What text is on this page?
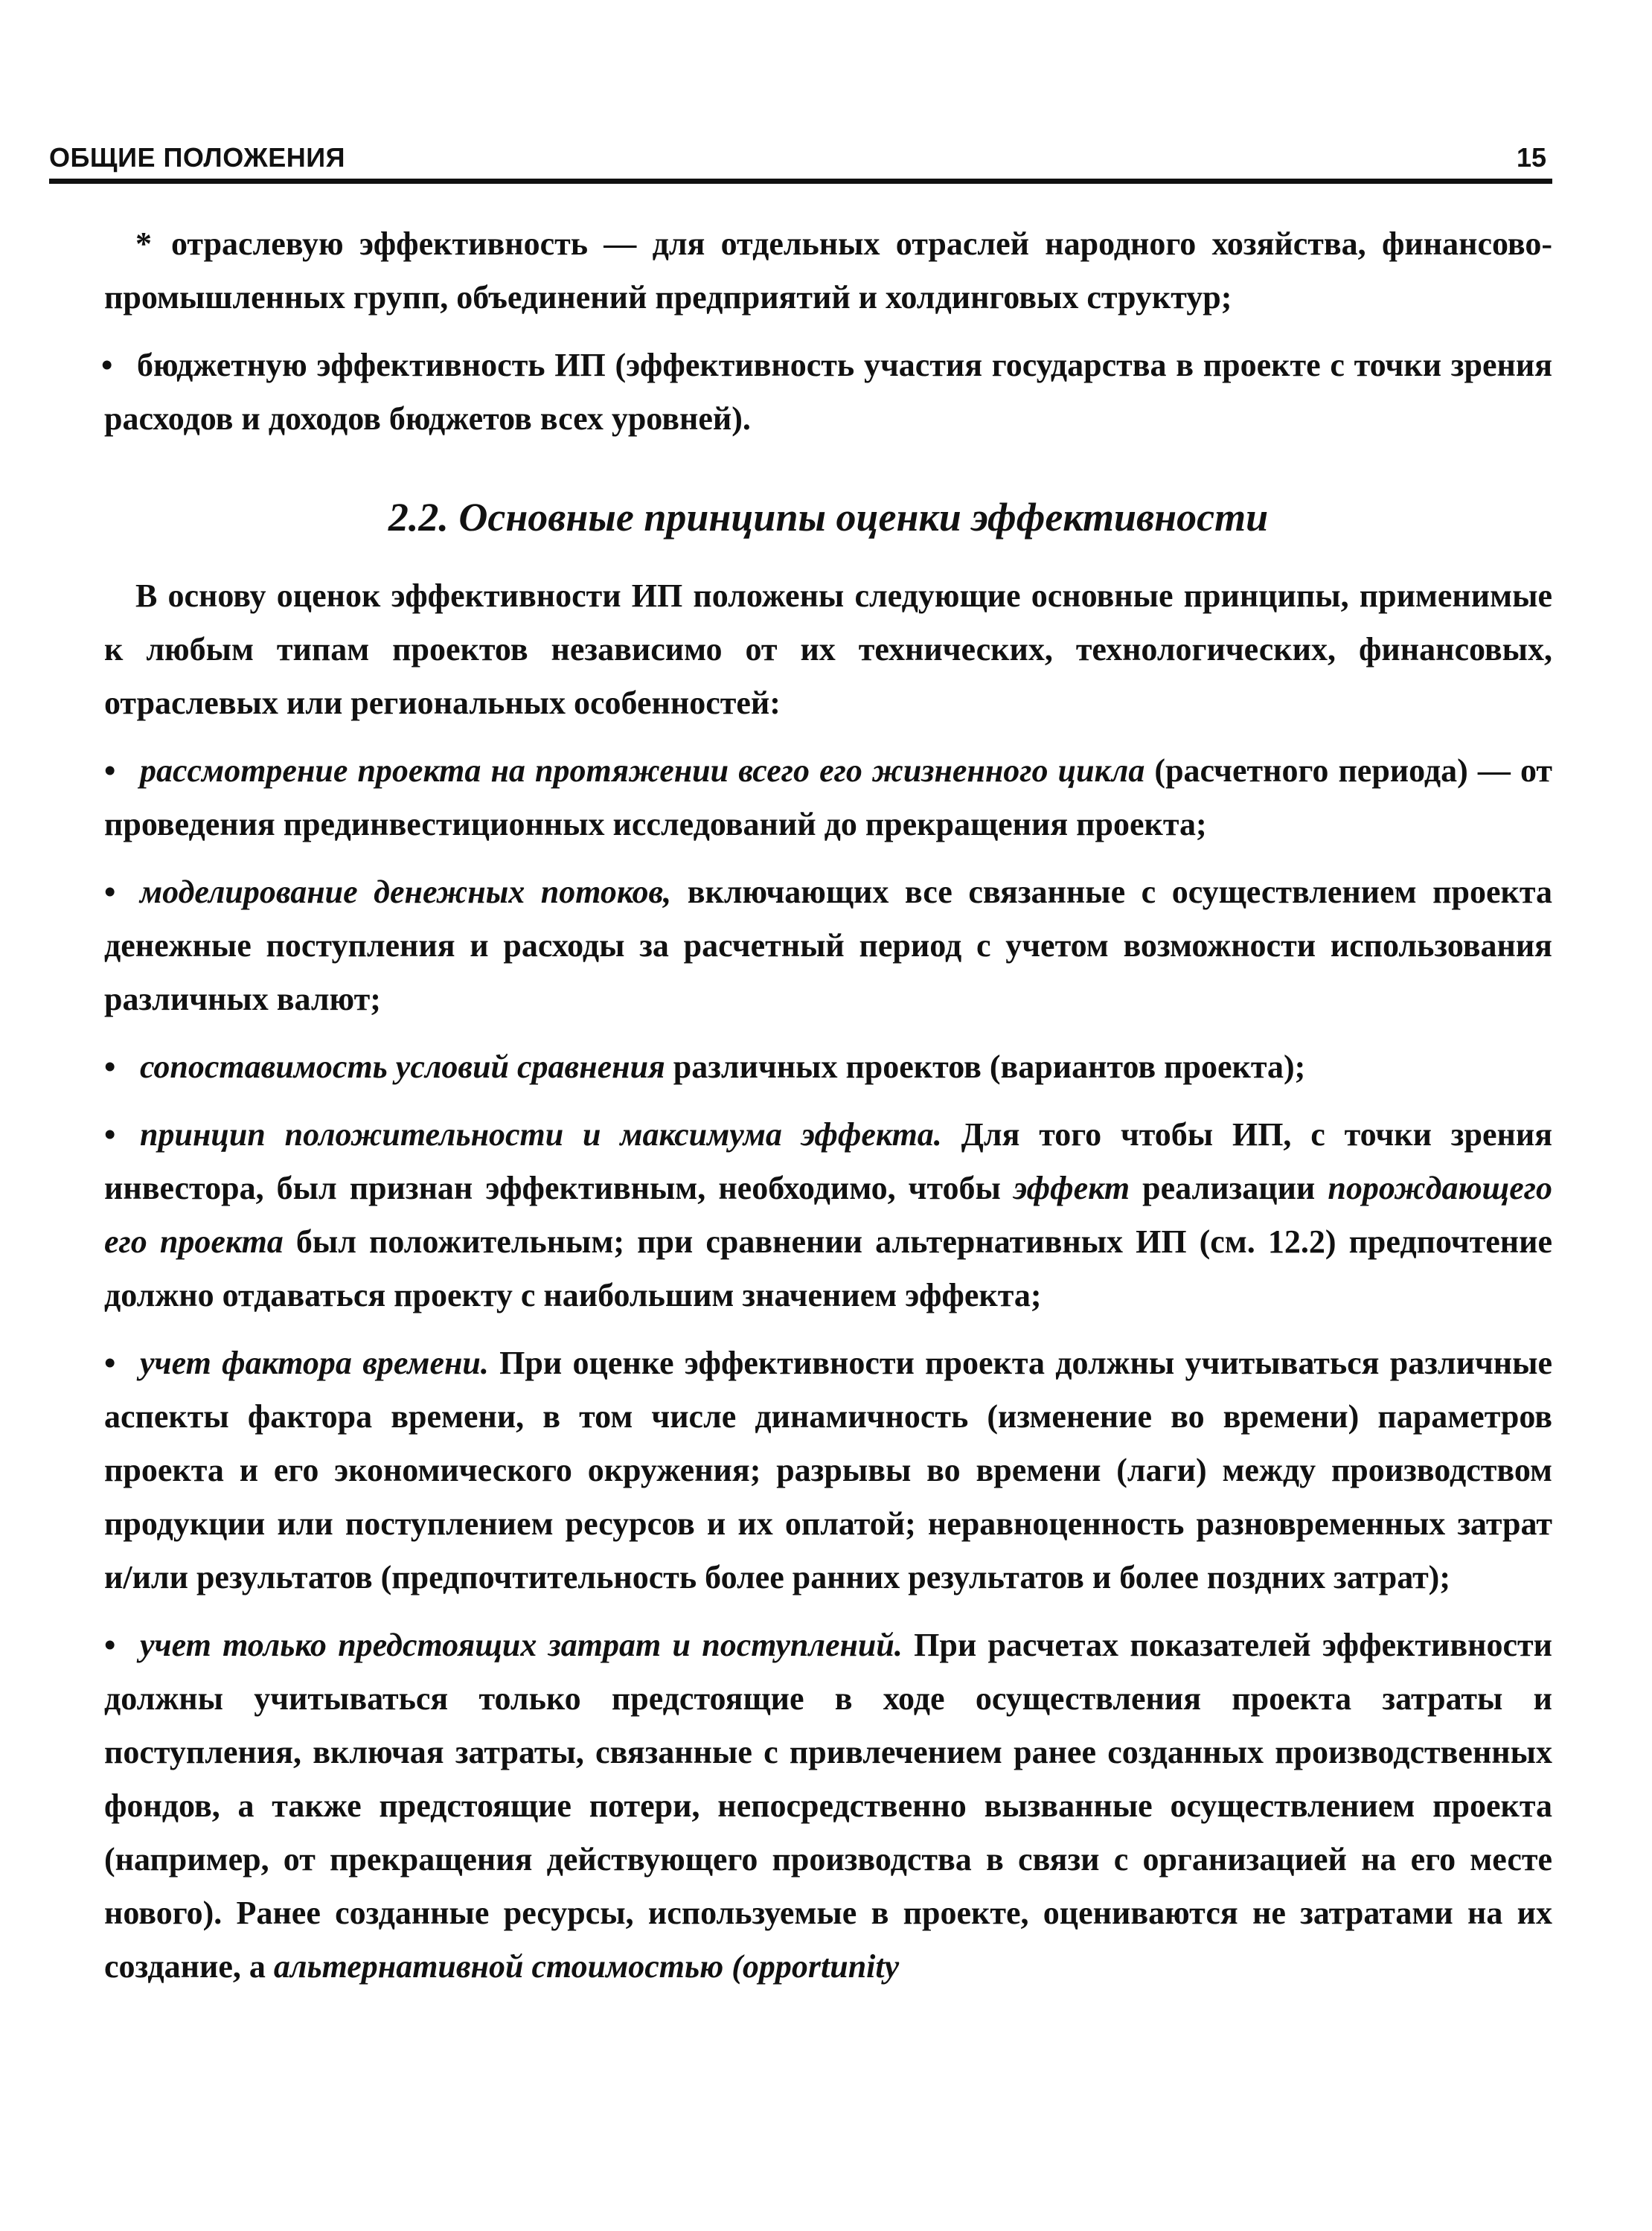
ОБЩИЕ ПОЛОЖЕНИЯ	15

* отраслевую эффективность — для отдельных отраслей народного хозяйства, финансово-промышленных групп, объединений предприятий и холдинговых структур;

• бюджетную эффективность ИП (эффективность участия государства в проекте с точки зрения расходов и доходов бюджетов всех уровней).

2.2. Основные принципы оценки эффективности

В основу оценок эффективности ИП положены следующие основные принципы, применимые к любым типам проектов независимо от их технических, технологических, финансовых, отраслевых или региональных особенностей:

• рассмотрение проекта на протяжении всего его жизненного цикла (расчетного периода) — от проведения прединвестиционных исследований до прекращения проекта;

• моделирование денежных потоков, включающих все связанные с осуществлением проекта денежные поступления и расходы за расчетный период с учетом возможности использования различных валют;

• сопоставимость условий сравнения различных проектов (вариантов проекта);

• принцип положительности и максимума эффекта. Для того чтобы ИП, с точки зрения инвестора, был признан эффективным, необходимо, чтобы эффект реализации порождающего его проекта был положительным; при сравнении альтернативных ИП (см. 12.2) предпочтение должно отдаваться проекту с наибольшим значением эффекта;

• учет фактора времени. При оценке эффективности проекта должны учитываться различные аспекты фактора времени, в том числе динамичность (изменение во времени) параметров проекта и его экономического окружения; разрывы во времени (лаги) между производством продукции или поступлением ресурсов и их оплатой; неравноценность разновременных затрат и/или результатов (предпочтительность более ранних результатов и более поздних затрат);

• учет только предстоящих затрат и поступлений. При расчетах показателей эффективности должны учитываться только предстоящие в ходе осуществления проекта затраты и поступления, включая затраты, связанные с привлечением ранее созданных производственных фондов, а также предстоящие потери, непосредственно вызванные осуществлением проекта (например, от прекращения действующего производства в связи с организацией на его месте нового). Ранее созданные ресурсы, используемые в проекте, оцениваются не затратами на их создание, а альтернативной стоимостью (opportunity
